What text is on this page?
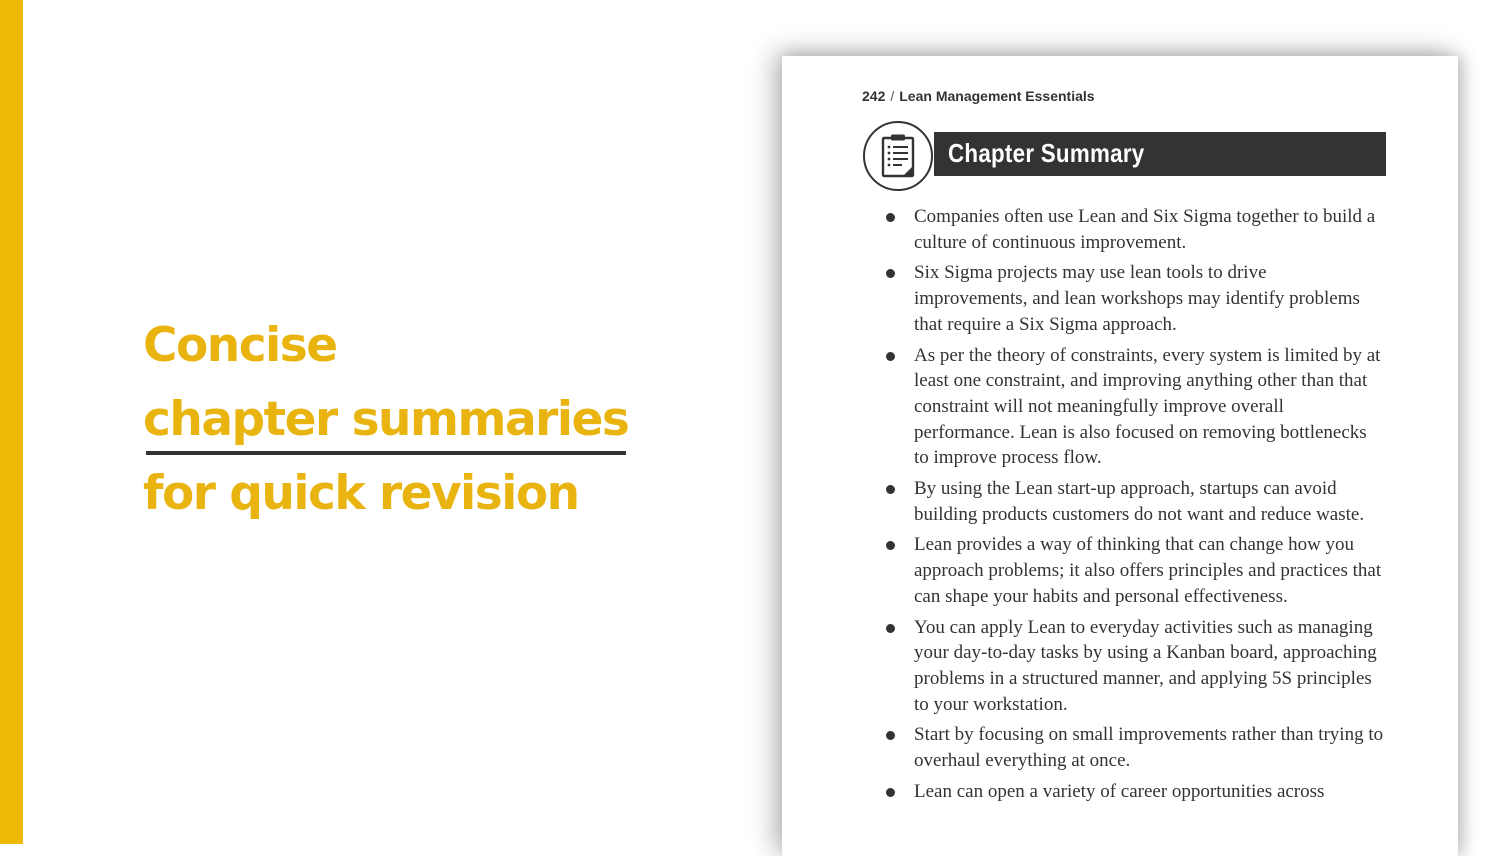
Concise
chapter summaries
for quick revision
242 / Lean Management Essentials
Chapter Summary
Companies often use Lean and Six Sigma together to build a culture of continuous improvement.
Six Sigma projects may use lean tools to drive improvements, and lean workshops may identify problems that require a Six Sigma approach.
As per the theory of constraints, every system is limited by at least one constraint, and improving anything other than that constraint will not meaningfully improve overall performance. Lean is also focused on removing bottlenecks to improve process flow.
By using the Lean start-up approach, startups can avoid building products customers do not want and reduce waste.
Lean provides a way of thinking that can change how you approach problems; it also offers principles and practices that can shape your habits and personal effectiveness.
You can apply Lean to everyday activities such as managing your day-to-day tasks by using a Kanban board, approaching problems in a structured manner, and applying 5S principles to your workstation.
Start by focusing on small improvements rather than trying to overhaul everything at once.
Lean can open a variety of career opportunities across
